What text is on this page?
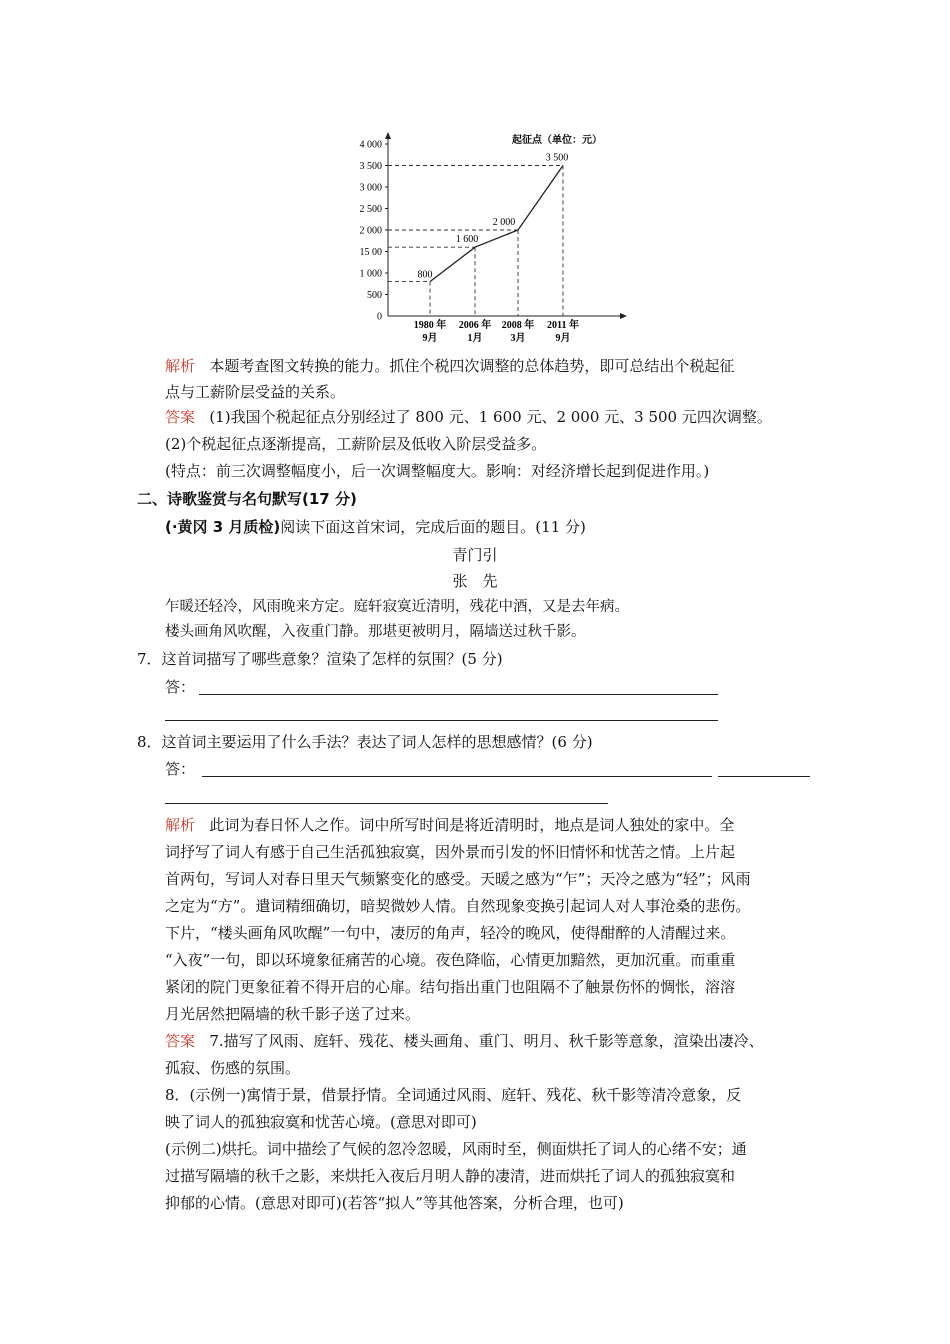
0
500
1 000
15 00
2 000
2 500
3 000
3 500
4 000
1980 年
9月
2006 年
1月
2008 年
3月
2011 年
9月
800
1 600
2 000
3 500
起征点（单位：元）
解析 本题考查图文转换的能力。抓住个税四次调整的总体趋势，即可总结出个税起征
点与工薪阶层受益的关系。
答案 (1)我国个税起征点分别经过了 800 元、1 600 元、2 000 元、3 500 元四次调整。
(2)个税起征点逐渐提高，工薪阶层及低收入阶层受益多。
(特点：前三次调整幅度小，后一次调整幅度大。影响：对经济增长起到促进作用。)
二、诗歌鉴赏与名句默写(17 分)
(·黄冈 3 月质检)阅读下面这首宋词，完成后面的题目。(11 分)
青门引
张　先
乍暖还轻冷，风雨晚来方定。庭轩寂寞近清明，残花中酒，又是去年病。
楼头画角风吹醒，入夜重门静。那堪更被明月，隔墙送过秋千影。
7．这首词描写了哪些意象？渲染了怎样的氛围？(5 分)
答：
8．这首词主要运用了什么手法？表达了词人怎样的思想感情？(6 分)
答：
解析 此词为春日怀人之作。词中所写时间是将近清明时，地点是词人独处的家中。全
词抒写了词人有感于自己生活孤独寂寞，因外景而引发的怀旧情怀和忧苦之情。上片起
首两句，写词人对春日里天气频繁变化的感受。天暖之感为“乍”；天冷之感为“轻”；风雨
之定为“方”。遣词精细确切，暗契微妙人情。自然现象变换引起词人对人事沧桑的悲伤。
下片，“楼头画角风吹醒”一句中，凄厉的角声，轻冷的晚风，使得酣醉的人清醒过来。
“入夜”一句，即以环境象征痛苦的心境。夜色降临，心情更加黯然，更加沉重。而重重
紧闭的院门更象征着不得开启的心扉。结句指出重门也阻隔不了触景伤怀的惆怅，溶溶
月光居然把隔墙的秋千影子送了过来。
答案 7.描写了风雨、庭轩、残花、楼头画角、重门、明月、秋千影等意象，渲染出凄冷、
孤寂、伤感的氛围。
8．(示例一)寓情于景，借景抒情。全词通过风雨、庭轩、残花、秋千影等清冷意象，反
映了词人的孤独寂寞和忧苦心境。(意思对即可)
(示例二)烘托。词中描绘了气候的忽冷忽暖，风雨时至，侧面烘托了词人的心绪不安；通
过描写隔墙的秋千之影，来烘托入夜后月明人静的凄清，进而烘托了词人的孤独寂寞和
抑郁的心情。(意思对即可)(若答“拟人”等其他答案，分析合理，也可)
